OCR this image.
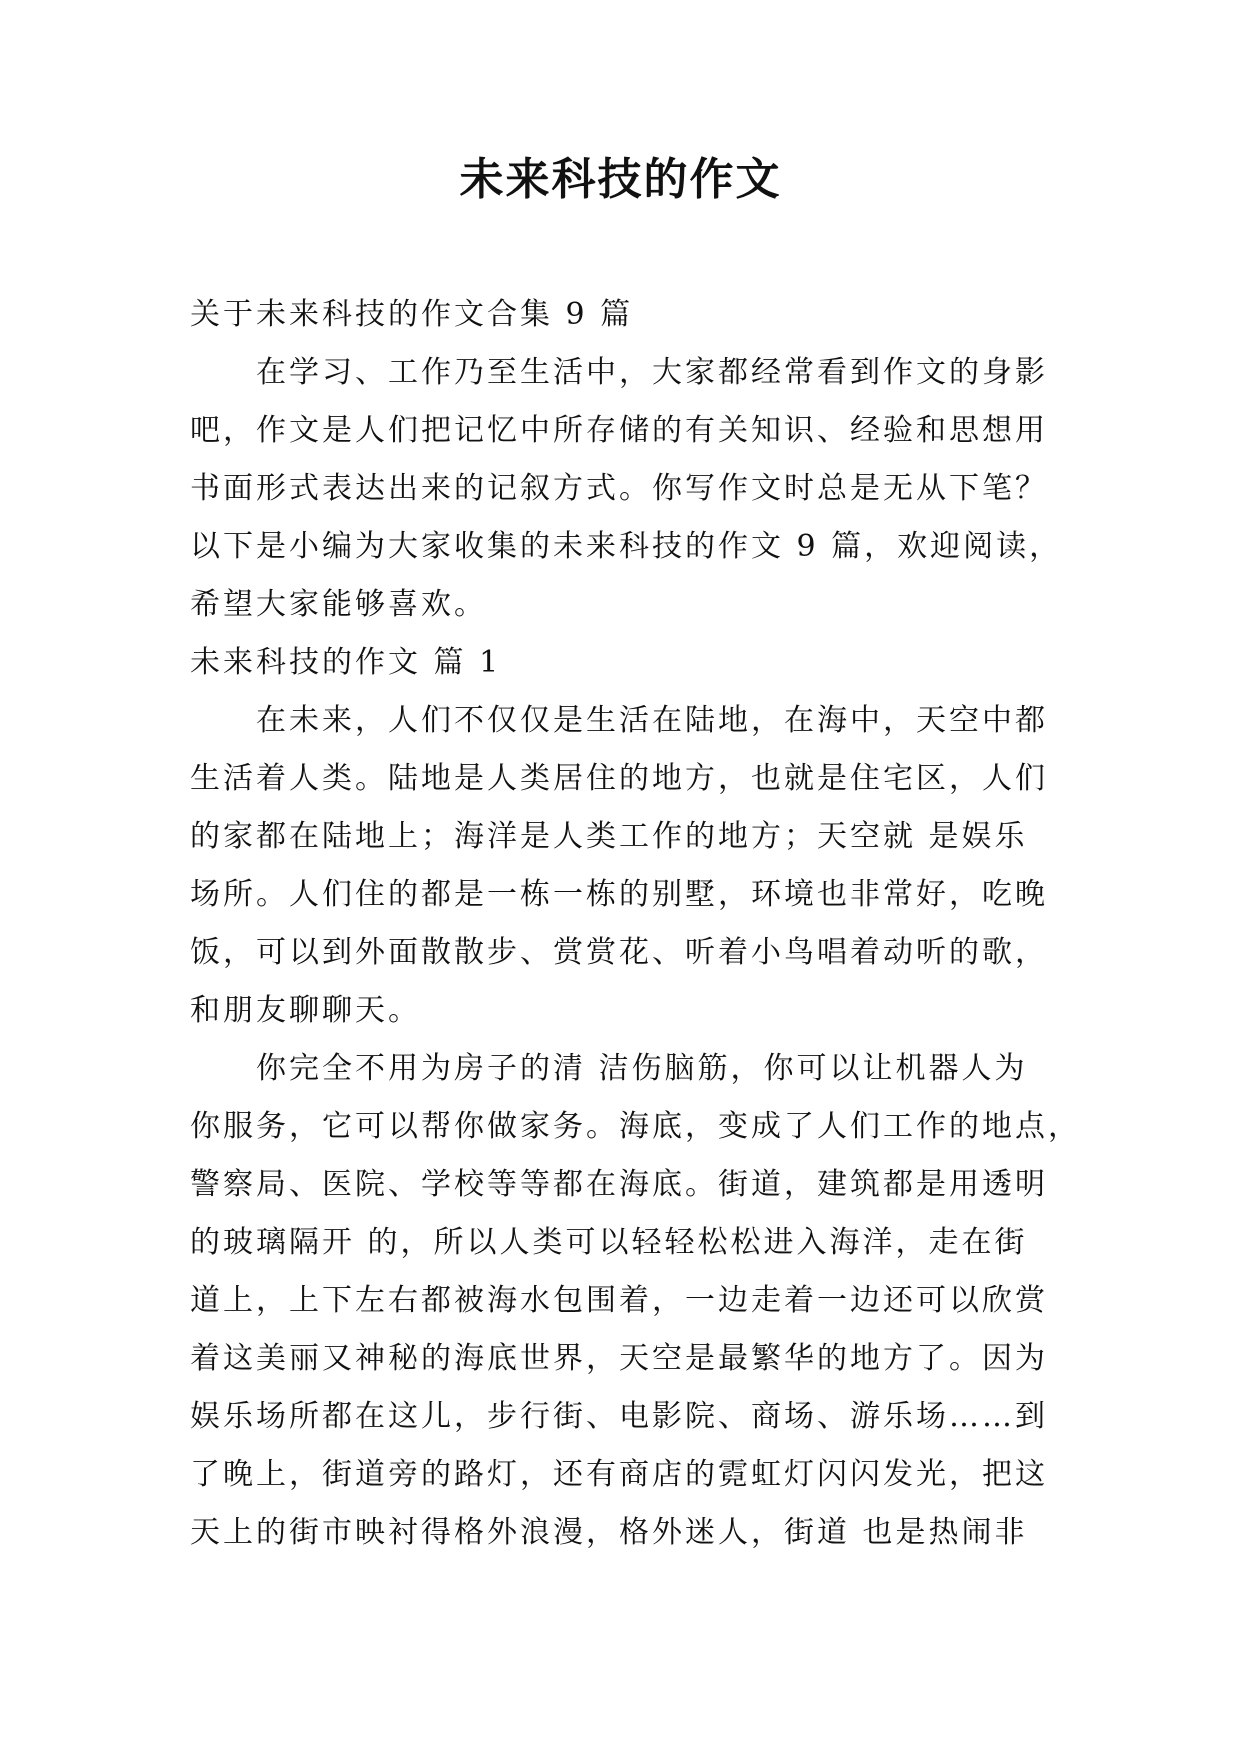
未来科技的作文
关于未来科技的作文合集 9 篇
在学习、工作乃至生活中，大家都经常看到作文的身影
吧，作文是人们把记忆中所存储的有关知识、经验和思想用
书面形式表达出来的记叙方式。你写作文时总是无从下笔？
以下是小编为大家收集的未来科技的作文 9 篇，欢迎阅读，
希望大家能够喜欢。
未来科技的作文 篇 1
在未来，人们不仅仅是生活在陆地，在海中，天空中都
生活着人类。陆地是人类居住的地方，也就是住宅区，人们
的家都在陆地上；海洋是人类工作的地方；天空就 是娱乐
场所。人们住的都是一栋一栋的别墅，环境也非常好，吃晚
饭，可以到外面散散步、赏赏花、听着小鸟唱着动听的歌，
和朋友聊聊天。
你完全不用为房子的清 洁伤脑筋，你可以让机器人为
你服务，它可以帮你做家务。海底，变成了人们工作的地点，
警察局、医院、学校等等都在海底。街道，建筑都是用透明
的玻璃隔开 的，所以人类可以轻轻松松进入海洋，走在街
道上，上下左右都被海水包围着，一边走着一边还可以欣赏
着这美丽又神秘的海底世界，天空是最繁华的地方了。因为
娱乐场所都在这儿，步行街、电影院、商场、游乐场……到
了晚上，街道旁的路灯，还有商店的霓虹灯闪闪发光，把这
天上的街市映衬得格外浪漫，格外迷人，街道 也是热闹非
